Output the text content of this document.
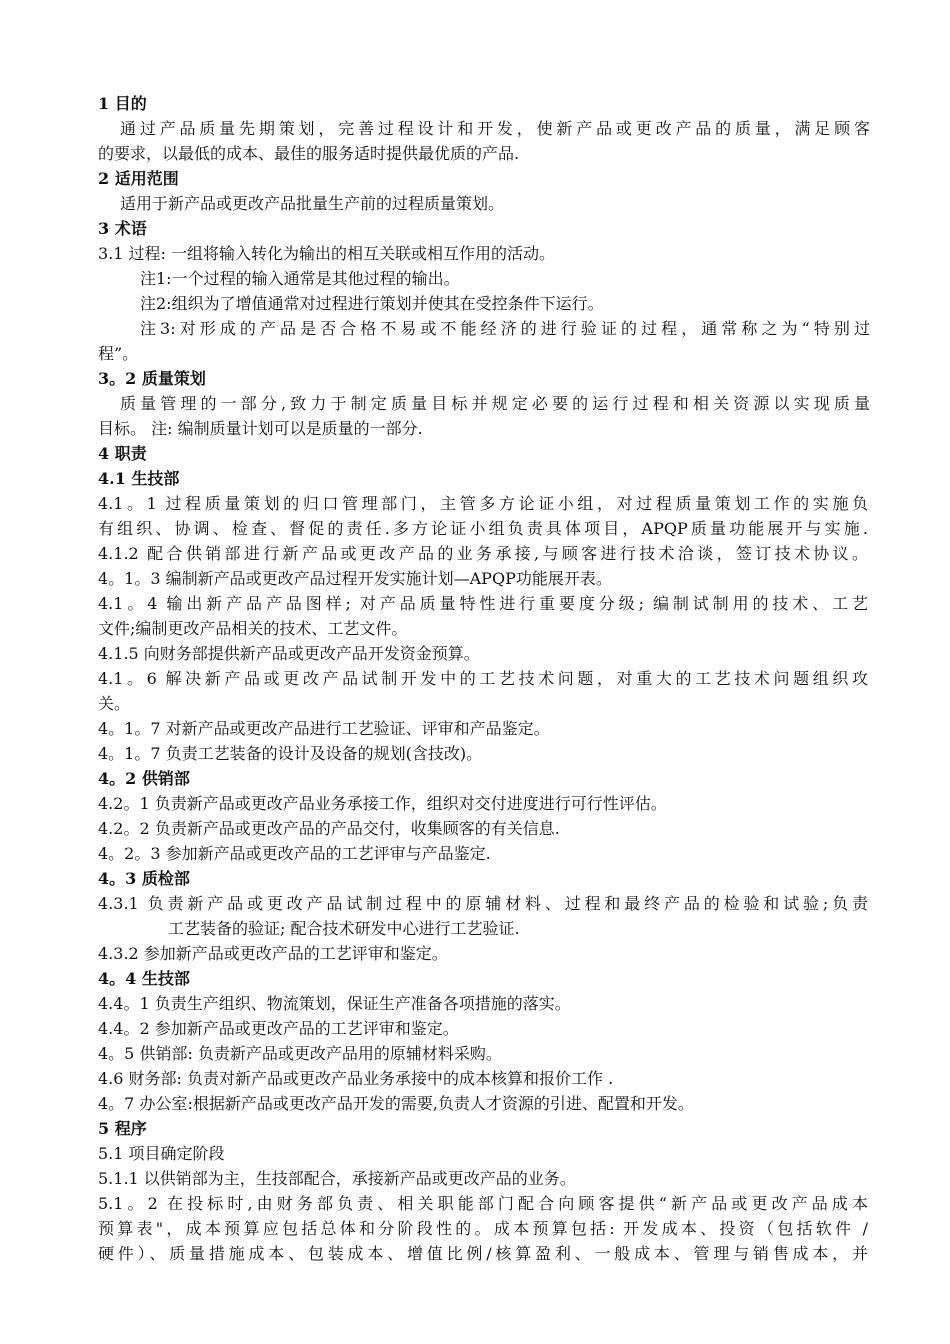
1 目的
通过产品质量先期策划，完善过程设计和开发，使新产品或更改产品的质量，满足顾客
的要求，以最低的成本、最佳的服务适时提供最优质的产品.
2 适用范围
适用于新产品或更改产品批量生产前的过程质量策划。
3 术语
3.1 过程: 一组将输入转化为输出的相互关联或相互作用的活动。
注1:一个过程的输入通常是其他过程的输出。
注2:组织为了增值通常对过程进行策划并使其在受控条件下运行。
注3:对形成的产品是否合格不易或不能经济的进行验证的过程，通常称之为“特别过
程”。
3。2 质量策划
质量管理的一部分,致力于制定质量目标并规定必要的运行过程和相关资源以实现质量
目标。 注: 编制质量计划可以是质量的一部分.
4 职责
4.1 生技部
4.1。1 过程质量策划的归口管理部门，主管多方论证小组，对过程质量策划工作的实施负
有组织、协调、检查、督促的责任.多方论证小组负责具体项目，APQP质量功能展开与实施.
4.1.2 配合供销部进行新产品或更改产品的业务承接,与顾客进行技术洽谈，签订技术协议。
4。1。3 编制新产品或更改产品过程开发实施计划—APQP功能展开表。
4.1。4 输出新产品产品图样; 对产品质量特性进行重要度分级; 编制试制用的技术、工艺
文件;编制更改产品相关的技术、工艺文件。
4.1.5 向财务部提供新产品或更改产品开发资金预算。
4.1。6 解决新产品或更改产品试制开发中的工艺技术问题，对重大的工艺技术问题组织攻
关。
4。1。7 对新产品或更改产品进行工艺验证、评审和产品鉴定。
4。1。7 负责工艺装备的设计及设备的规划(含技改)。
4。2 供销部
4.2。1 负责新产品或更改产品业务承接工作，组织对交付进度进行可行性评估。
4.2。2 负责新产品或更改产品的产品交付，收集顾客的有关信息.
4。2。3 参加新产品或更改产品的工艺评审与产品鉴定.
4。3 质检部
4.3.1 负责新产品或更改产品试制过程中的原辅材料、过程和最终产品的检验和试验;负责
工艺装备的验证; 配合技术研发中心进行工艺验证.
4.3.2 参加新产品或更改产品的工艺评审和鉴定。
4。4 生技部
4.4。1 负责生产组织、物流策划，保证生产准备各项措施的落实。
4.4。2 参加新产品或更改产品的工艺评审和鉴定。
4。5 供销部: 负责新产品或更改产品用的原辅材料采购。
4.6 财务部: 负责对新产品或更改产品业务承接中的成本核算和报价工作 .
4。7 办公室:根据新产品或更改产品开发的需要,负责人才资源的引进、配置和开发。
5 程序
5.1 项目确定阶段
5.1.1 以供销部为主，生技部配合，承接新产品或更改产品的业务。
5.1。2 在投标时,由财务部负责、相关职能部门配合向顾客提供“新产品或更改产品成本
预算表"，成本预算应包括总体和分阶段性的。成本预算包括: 开发成本、投资（包括软件 /
硬件）、质量措施成本、包装成本、增值比例/核算盈利、一般成本、管理与销售成本，并
